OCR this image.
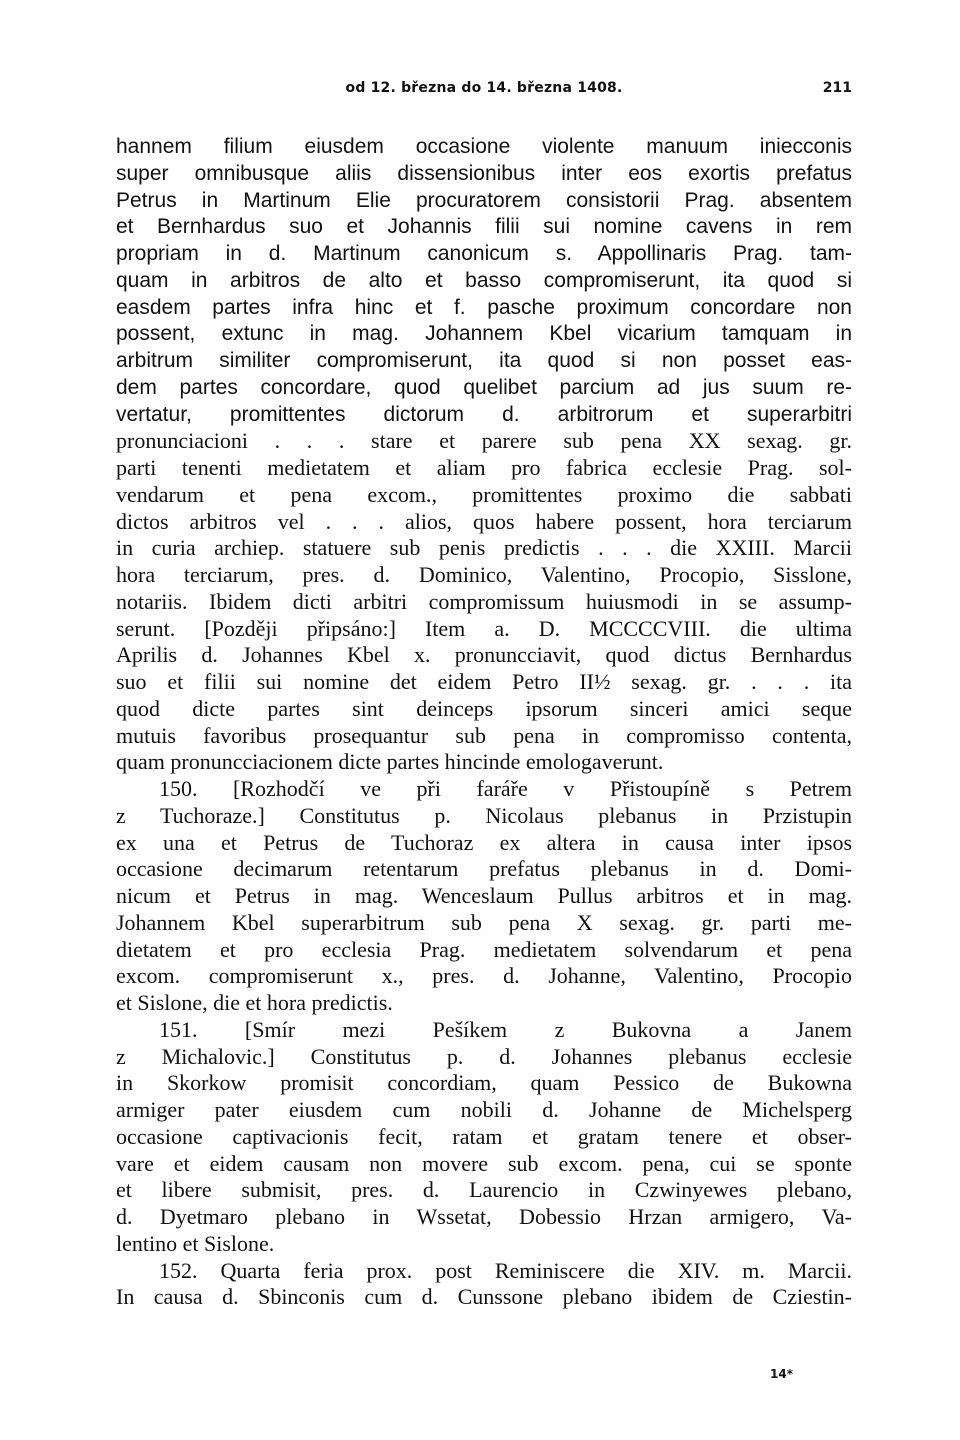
od 12. března do 14. března 1408.	211
hannem filium eiusdem occasione violente manuum iniecconis
super omnibusque aliis dissensionibus inter eos exortis prefatus
Petrus in Martinum Elie procuratorem consistorii Prag. absentem
et Bernhardus suo et Johannis filii sui nomine cavens in rem
propriam in d. Martinum canonicum s. Appollinaris Prag. tam-
quam in arbitros de alto et basso compromiserunt, ita quod si
easdem partes infra hinc et f. pasche proximum concordare non
possent, extunc in mag. Johannem Kbel vicarium tamquam in
arbitrum similiter compromiserunt, ita quod si non posset eas-
dem partes concordare, quod quelibet parcium ad jus suum re-
vertatur, promittentes dictorum d. arbitrorum et superarbitri
pronunciacioni . . . stare et parere sub pena XX sexag. gr.
parti tenenti medietatem et aliam pro fabrica ecclesie Prag. sol-
vendarum et pena excom., promittentes proximo die sabbati
dictos arbitros vel . . . alios, quos habere possent, hora terciarum
in curia archiep. statuere sub penis predictis . . . die XXIII. Marcii
hora terciarum, pres. d. Dominico, Valentino, Procopio, Sisslone,
notariis. Ibidem dicti arbitri compromissum huiusmodi in se assump-
serunt. [Později připsáno:] Item a. D. MCCCCVIII. die ultima
Aprilis d. Johannes Kbel x. pronuncciavit, quod dictus Bernhardus
suo et filii sui nomine det eidem Petro II½ sexag. gr. . . . ita
quod dicte partes sint deinceps ipsorum sinceri amici seque
mutuis favoribus prosequantur sub pena in compromisso contenta,
quam pronuncciacionem dicte partes hincinde emologaverunt.
150. [Rozhodčí ve při faráře v Přistoupíně s Petrem
z Tuchoraze.] Constitutus p. Nicolaus plebanus in Przistupin
ex una et Petrus de Tuchoraz ex altera in causa inter ipsos
occasione decimarum retentarum prefatus plebanus in d. Domi-
nicum et Petrus in mag. Wenceslaum Pullus arbitros et in mag.
Johannem Kbel superarbitrum sub pena X sexag. gr. parti me-
dietatem et pro ecclesia Prag. medietatem solvendarum et pena
excom. compromiserunt x., pres. d. Johanne, Valentino, Procopio
et Sislone, die et hora predictis.
151. [Smír mezi Pešíkem z Bukovna a Janem
z Michalovic.] Constitutus p. d. Johannes plebanus ecclesie
in Skorkow promisit concordiam, quam Pessico de Bukowna
armiger pater eiusdem cum nobili d. Johanne de Michelsperg
occasione captivacionis fecit, ratam et gratam tenere et obser-
vare et eidem causam non movere sub excom. pena, cui se sponte
et libere submisit, pres. d. Laurencio in Czwinyewes plebano,
d. Dyetmaro plebano in Wssetat, Dobessio Hrzan armigero, Va-
lentino et Sislone.
152. Quarta feria prox. post Reminiscere die XIV. m. Marcii.
In causa d. Sbinconis cum d. Cunssone plebano ibidem de Cziestin-
14*
